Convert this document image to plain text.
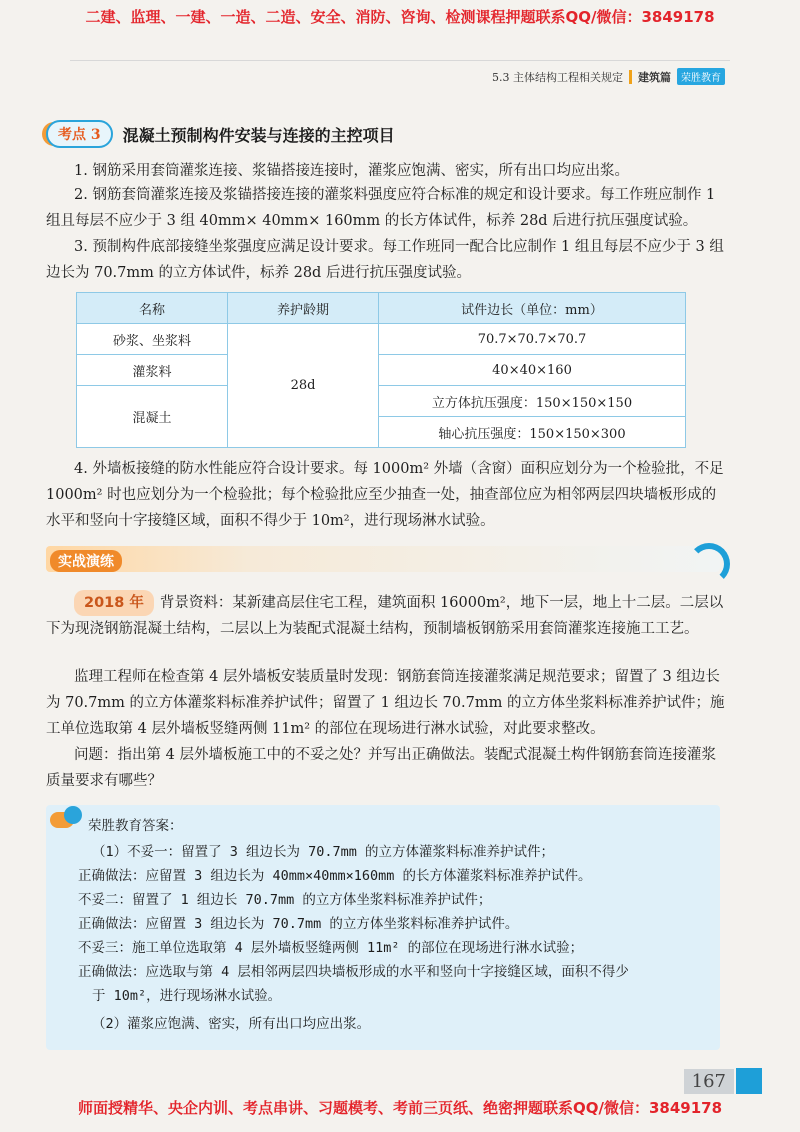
二建、监理、一建、一造、二造、安全、消防、咨询、检测课程押题联系QQ/微信：3849178
5.3 主体结构工程相关规定 建筑篇	荣胜教育
考点 3	混凝土预制构件安装与连接的主控项目
1. 钢筋采用套筒灌浆连接、浆锚搭接连接时，灌浆应饱满、密实，所有出口均应出浆。
2. 钢筋套筒灌浆连接及浆锚搭接连接的灌浆料强度应符合标准的规定和设计要求。每工作班应制作 1 组且每层不应少于 3 组 40mm× 40mm× 160mm 的长方体试件，标养 28d 后进行抗压强度试验。
3. 预制构件底部接缝坐浆强度应满足设计要求。每工作班同一配合比应制作 1 组且每层不应少于 3 组边长为 70.7mm 的立方体试件，标养 28d 后进行抗压强度试验。
名称	养护龄期	试件边长（单位：mm）
砂浆、坐浆料	28d	70.7×70.7×70.7
灌浆料		40×40×160
混凝土		立方体抗压强度：150×150×150
		轴心抗压强度：150×150×300
4. 外墙板接缝的防水性能应符合设计要求。每 1000m² 外墙（含窗）面积应划分为一个检验批，不足 1000m² 时也应划分为一个检验批；每个检验批应至少抽查一处，抽查部位应为相邻两层四块墙板形成的水平和竖向十字接缝区域，面积不得少于 10m²，进行现场淋水试验。
实战演练
2018 年 背景资料：某新建高层住宅工程，建筑面积 16000m²，地下一层，地上十二层。二层以下为现浇钢筋混凝土结构，二层以上为装配式混凝土结构，预制墙板钢筋采用套筒灌浆连接施工工艺。
监理工程师在检查第 4 层外墙板安装质量时发现：钢筋套筒连接灌浆满足规范要求；留置了 3 组边长为 70.7mm 的立方体灌浆料标准养护试件；留置了 1 组边长 70.7mm 的立方体坐浆料标准养护试件；施工单位选取第 4 层外墙板竖缝两侧 11m² 的部位在现场进行淋水试验，对此要求整改。
问题：指出第 4 层外墙板施工中的不妥之处？并写出正确做法。装配式混凝土构件钢筋套筒连接灌浆质量要求有哪些？
荣胜教育答案：
（1）不妥一：留置了 3 组边长为 70.7mm 的立方体灌浆料标准养护试件；
正确做法：应留置 3 组边长为 40mm×40mm×160mm 的长方体灌浆料标准养护试件。
不妥二：留置了 1 组边长 70.7mm 的立方体坐浆料标准养护试件；
正确做法：应留置 3 组边长为 70.7mm 的立方体坐浆料标准养护试件。
不妥三：施工单位选取第 4 层外墙板竖缝两侧 11m² 的部位在现场进行淋水试验；
正确做法：应选取与第 4 层相邻两层四块墙板形成的水平和竖向十字接缝区域，面积不得少
于 10m²，进行现场淋水试验。
（2）灌浆应饱满、密实，所有出口均应出浆。
167
师面授精华、央企内训、考点串讲、习题模考、考前三页纸、绝密押题联系QQ/微信：3849178
